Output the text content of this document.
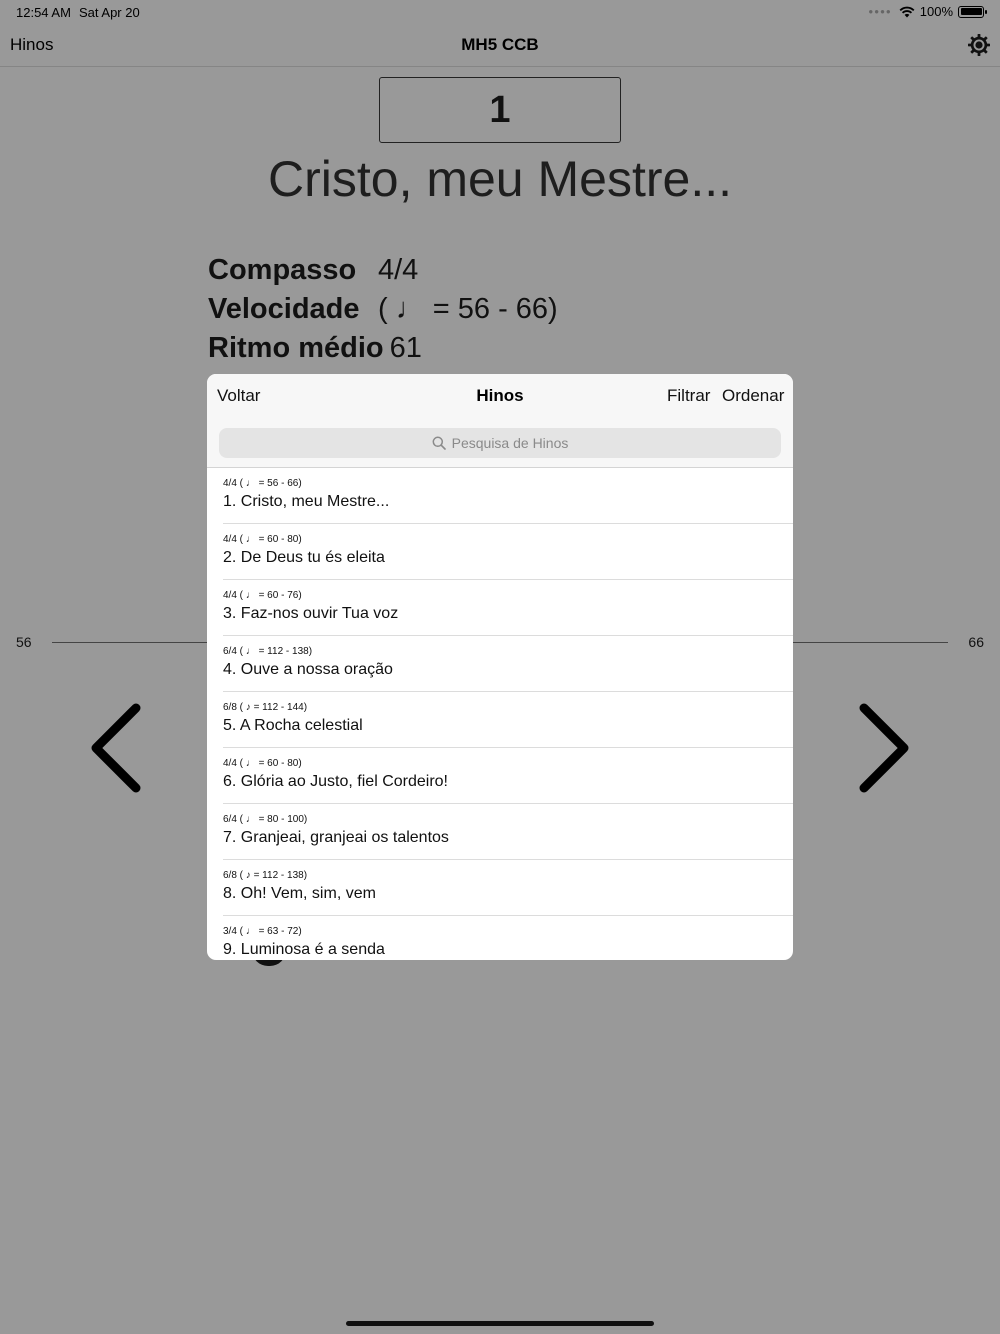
12:54 AM Sat Apr 20	●●●● 100%
Hinos	MH5 CCB
1
Cristo, meu Mestre...
Compasso 4/4
Velocidade ( ♩ = 56 - 66)
Ritmo médio 61
56	66
Voltar	Hinos	Filtrar Ordenar
Pesquisa de Hinos
4/4 ( ♩ = 56 - 66)
1. Cristo, meu Mestre...
4/4 ( ♩ = 60 - 80)
2. De Deus tu és eleita
4/4 ( ♩ = 60 - 76)
3. Faz-nos ouvir Tua voz
6/4 ( ♩ = 112 - 138)
4. Ouve a nossa oração
6/8 ( ♪ = 112 - 144)
5. A Rocha celestial
4/4 ( ♩ = 60 - 80)
6. Glória ao Justo, fiel Cordeiro!
6/4 ( ♩ = 80 - 100)
7. Granjeai, granjeai os talentos
6/8 ( ♪ = 112 - 138)
8. Oh! Vem, sim, vem
3/4 ( ♩ = 63 - 72)
9. Luminosa é a senda
